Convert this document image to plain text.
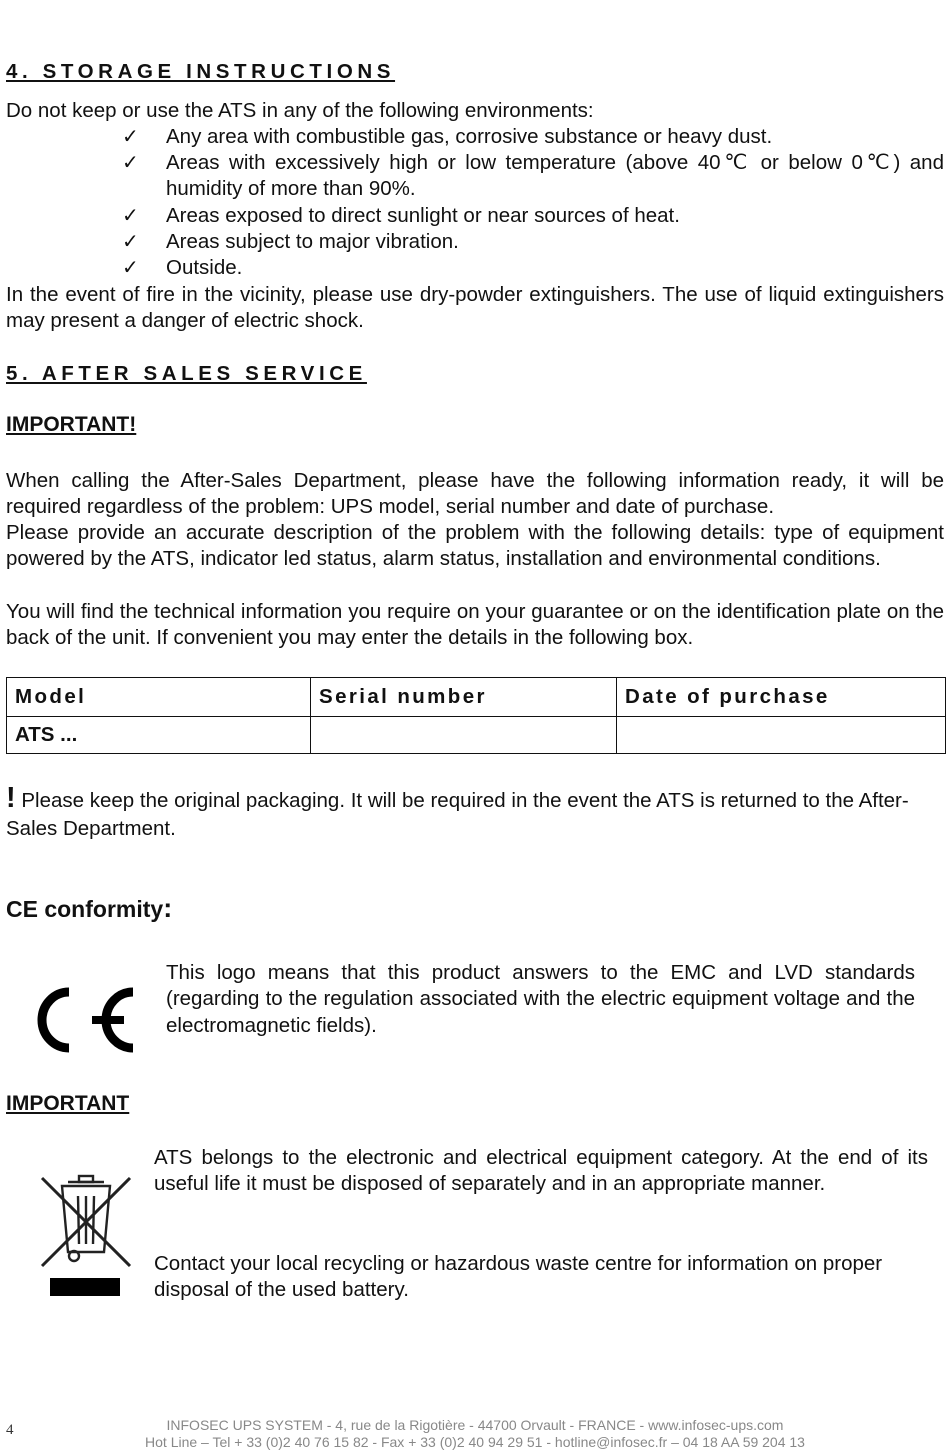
4. STORAGE INSTRUCTIONS
Do not keep or use the ATS in any of the following environments:
✓ Any area with combustible gas, corrosive substance or heavy dust.
✓ Areas with excessively high or low temperature (above 40℃ or below 0℃) and humidity of more than 90%.
✓ Areas exposed to direct sunlight or near sources of heat.
✓ Areas subject to major vibration.
✓ Outside.
In the event of fire in the vicinity, please use dry-powder extinguishers. The use of liquid extinguishers may present a danger of electric shock.
5. AFTER SALES SERVICE
IMPORTANT!
When calling the After-Sales Department, please have the following information ready, it will be required regardless of the problem: UPS model, serial number and date of purchase.
Please provide an accurate description of the problem with the following details: type of equipment powered by the ATS, indicator led status, alarm status, installation and environmental conditions.
You will find the technical information you require on your guarantee or on the identification plate on the back of the unit. If convenient you may enter the details in the following box.
Model	Serial number	Date of purchase
ATS ...		
! Please keep the original packaging. It will be required in the event the ATS is returned to the After-Sales Department.
CE conformity:
This logo means that this product answers to the EMC and LVD standards (regarding to the regulation associated with the electric equipment voltage and the electromagnetic fields).
IMPORTANT
ATS belongs to the electronic and electrical equipment category. At the end of its useful life it must be disposed of separately and in an appropriate manner.
Contact your local recycling or hazardous waste centre for information on proper disposal of the used battery.
4	INFOSEC UPS SYSTEM - 4, rue de la Rigotière - 44700 Orvault - FRANCE - www.infosec-ups.com
Hot Line – Tel + 33 (0)2 40 76 15 82 - Fax + 33 (0)2 40 94 29 51 - hotline@infosec.fr – 04 18 AA 59 204 13
